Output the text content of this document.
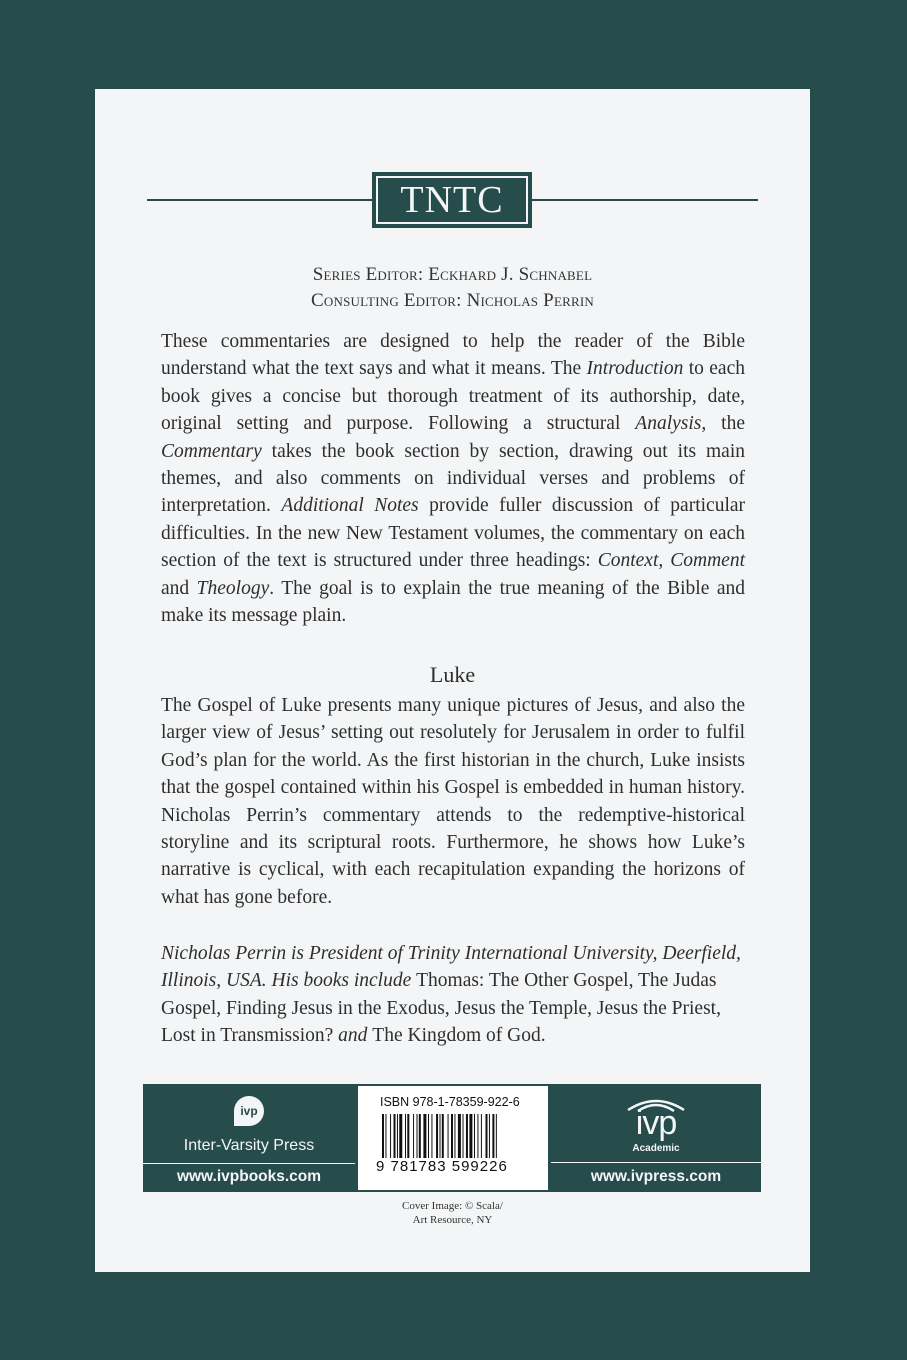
TNTC
Series Editor: Eckhard J. Schnabel
Consulting Editor: Nicholas Perrin

These commentaries are designed to help the reader of the Bible understand what the text says and what it means. The Introduction to each book gives a concise but thorough treatment of its authorship, date, original setting and purpose. Following a structural Analysis, the Commentary takes the book section by section, drawing out its main themes, and also comments on individual verses and problems of interpretation. Additional Notes provide fuller discussion of particular difficulties. In the new New Testament volumes, the commentary on each section of the text is structured under three headings: Context, Comment and Theology. The goal is to explain the true meaning of the Bible and make its message plain.

Luke

The Gospel of Luke presents many unique pictures of Jesus, and also the larger view of Jesus’ setting out resolutely for Jerusalem in order to fulfil God’s plan for the world. As the first historian in the church, Luke insists that the gospel contained within his Gospel is embedded in human history. Nicholas Perrin’s commentary attends to the redemptive-historical storyline and its scriptural roots. Furthermore, he shows how Luke’s narrative is cyclical, with each recapitulation expanding the horizons of what has gone before.

Nicholas Perrin is President of Trinity International University, Deerfield, Illinois, USA. His books include Thomas: The Other Gospel, The Judas Gospel, Finding Jesus in the Exodus, Jesus the Temple, Jesus the Priest, Lost in Transmission? and The Kingdom of God.

ivp
Inter-Varsity Press
www.ivpbooks.com
ISBN 978-1-78359-922-6
9 781783 599226
ivp
Academic
www.ivpress.com
Cover Image: © Scala/
Art Resource, NY
